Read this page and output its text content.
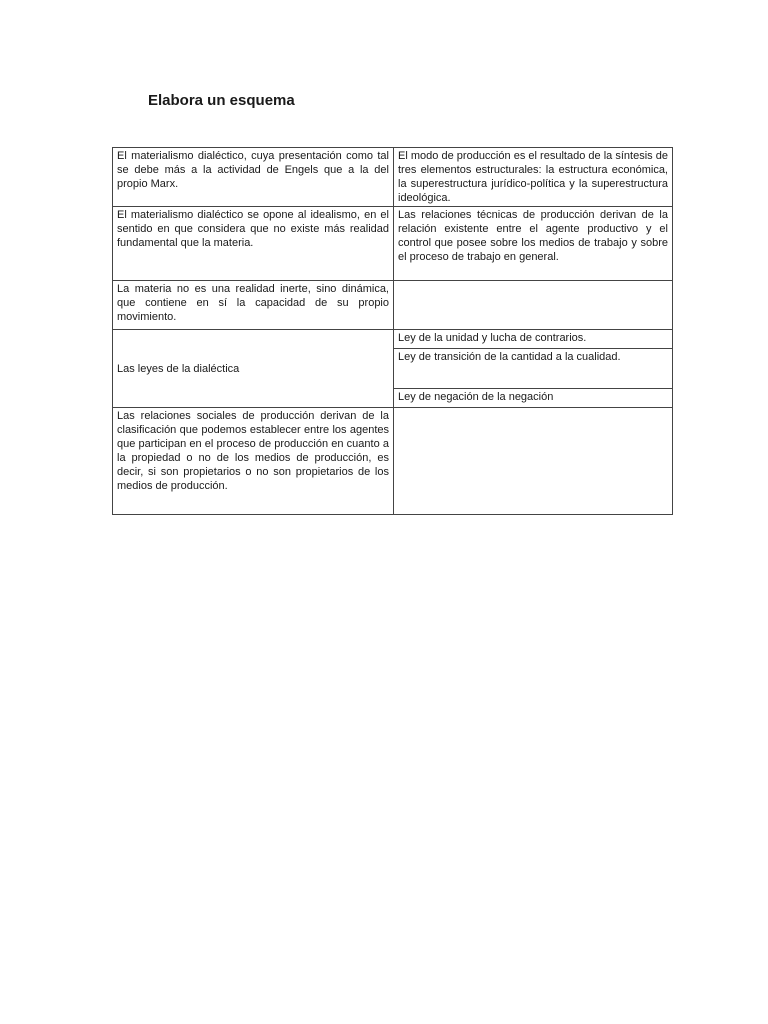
Elabora un esquema
El materialismo dialéctico, cuya presentación como tal se debe más a la actividad de Engels que a la del propio Marx.	El modo de producción es el resultado de la síntesis de tres elementos estructurales: la estructura económica, la superestructura jurídico-política y la superestructura ideológica.
El materialismo dialéctico se opone al idealismo, en el sentido en que considera que no existe más realidad fundamental que la materia.	Las relaciones técnicas de producción derivan de la relación existente entre el agente productivo y el control que posee sobre los medios de trabajo y sobre el proceso de trabajo en general.
La materia no es una realidad inerte, sino dinámica, que contiene en sí la capacidad de su propio movimiento.	
Las leyes de la dialéctica	Ley de la unidad y lucha de contrarios.
	Ley de transición de la cantidad a la cualidad.
	Ley de negación de la negación
Las relaciones sociales de producción derivan de la clasificación que podemos establecer entre los agentes que participan en el proceso de producción en cuanto a la propiedad o no de los medios de producción, es decir, si son propietarios o no son propietarios de los medios de producción.	
